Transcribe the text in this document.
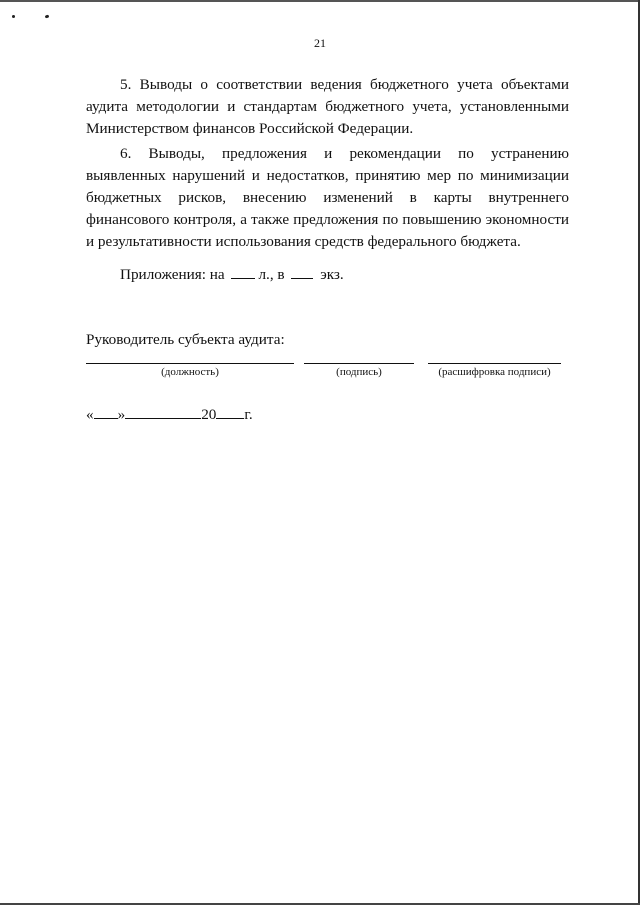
21

5. Выводы о соответствии ведения бюджетного учета объектами аудита методологии и стандартам бюджетного учета, установленными Министерством финансов Российской Федерации.

6. Выводы, предложения и рекомендации по устранению выявленных нарушений и недостатков, принятию мер по минимизации бюджетных рисков, внесению изменений в карты внутреннего финансового контроля, а также предложения по повышению экономности и результативности использования средств федерального бюджета.

Приложения: на л., в экз.
Руководитель субъекта аудита:
(должность)	(подпись)	(расшифровка подписи)
« »	20 г.
